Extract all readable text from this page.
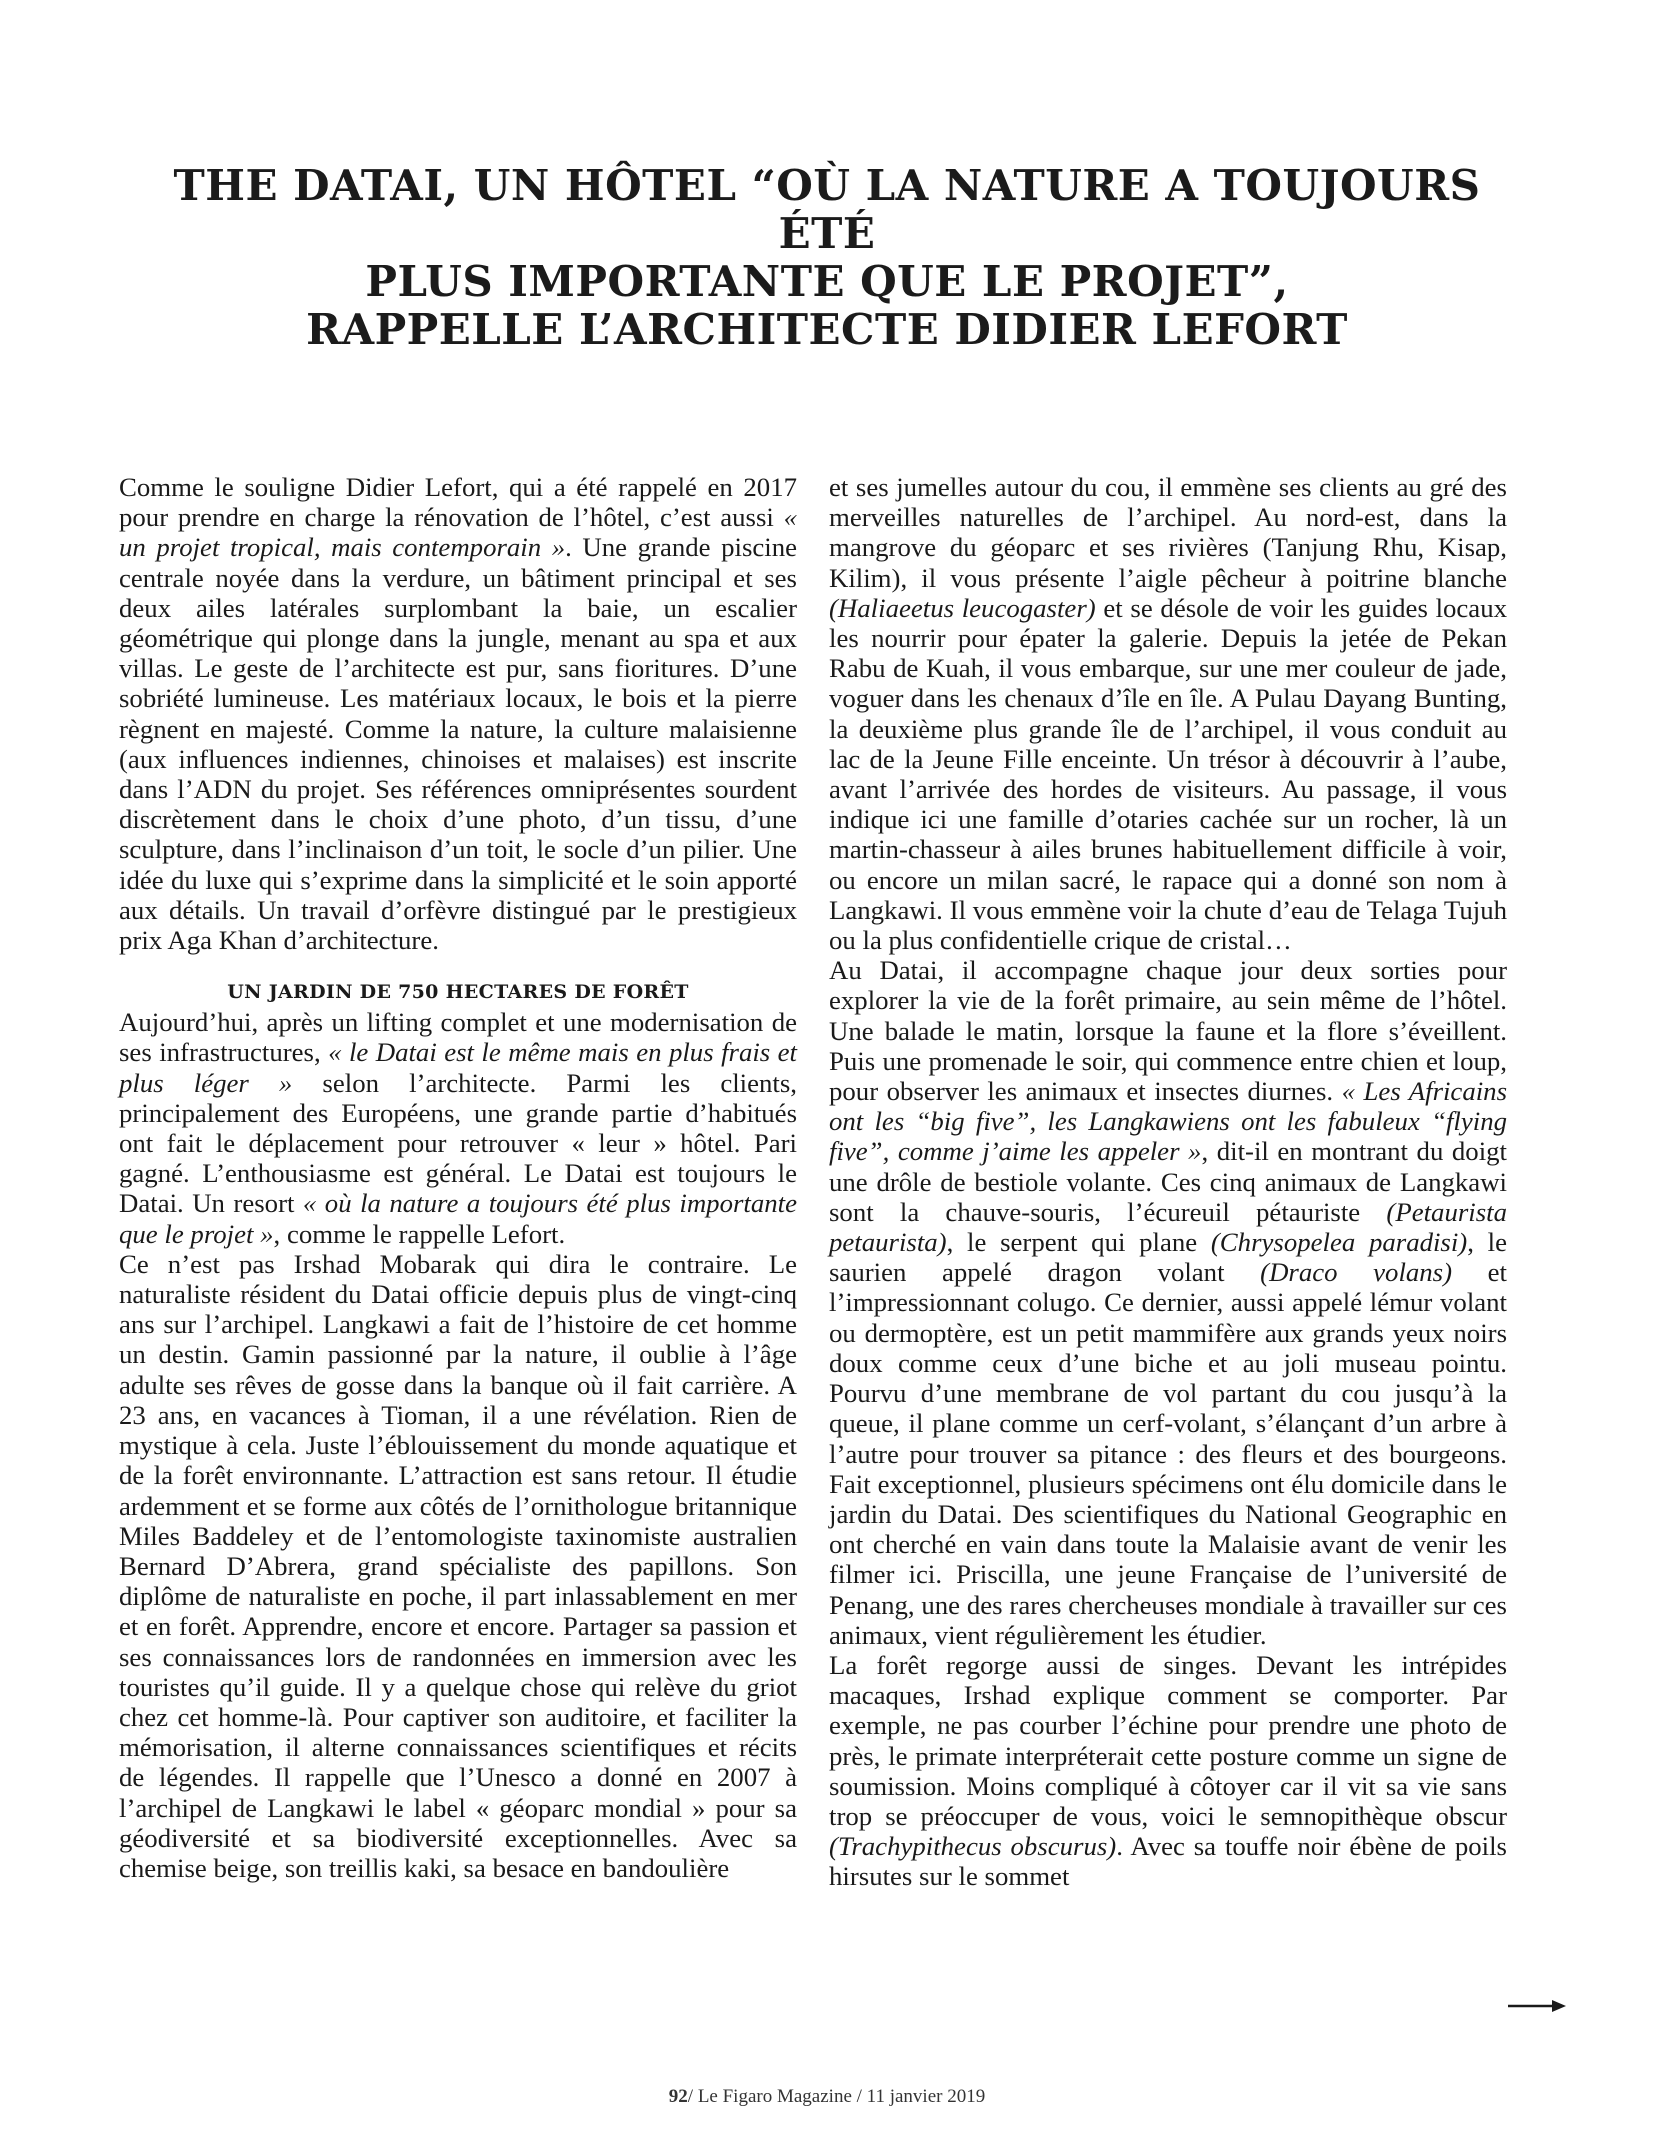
THE DATAI, UN HÔTEL “OÙ LA NATURE A TOUJOURS ÉTÉ
PLUS IMPORTANTE QUE LE PROJET”,
RAPPELLE L’ARCHITECTE DIDIER LEFORT

Comme le souligne Didier Lefort, qui a été rappelé en 2017 pour prendre en charge la rénovation de l’hôtel, c’est aussi « un projet tropical, mais contemporain ». Une grande piscine centrale noyée dans la verdure, un bâtiment principal et ses deux ailes latérales surplombant la baie, un escalier géométrique qui plonge dans la jungle, menant au spa et aux villas. Le geste de l’architecte est pur, sans fioritures. D’une sobriété lumineuse. Les matériaux locaux, le bois et la pierre règnent en majesté. Comme la nature, la culture malaisienne (aux influences indiennes, chinoises et malaises) est inscrite dans l’ADN du projet. Ses références omniprésentes sourdent discrètement dans le choix d’une photo, d’un tissu, d’une sculpture, dans l’inclinaison d’un toit, le socle d’un pilier. Une idée du luxe qui s’exprime dans la simplicité et le soin apporté aux détails. Un travail d’orfèvre distingué par le prestigieux prix Aga Khan d’architecture.

UN JARDIN DE 750 HECTARES DE FORÊT

Aujourd’hui, après un lifting complet et une modernisation de ses infrastructures, « le Datai est le même mais en plus frais et plus léger » selon l’architecte. Parmi les clients, principalement des Européens, une grande partie d’habitués ont fait le déplacement pour retrouver « leur » hôtel. Pari gagné. L’enthousiasme est général. Le Datai est toujours le Datai. Un resort « où la nature a toujours été plus importante que le projet », comme le rappelle Lefort.

Ce n’est pas Irshad Mobarak qui dira le contraire. Le naturaliste résident du Datai officie depuis plus de vingt-cinq ans sur l’archipel. Langkawi a fait de l’histoire de cet homme un destin. Gamin passionné par la nature, il oublie à l’âge adulte ses rêves de gosse dans la banque où il fait carrière. A 23 ans, en vacances à Tioman, il a une révélation. Rien de mystique à cela. Juste l’éblouissement du monde aquatique et de la forêt environnante. L’attraction est sans retour. Il étudie ardemment et se forme aux côtés de l’ornithologue britannique Miles Baddeley et de l’entomologiste taxinomiste australien Bernard D’Abrera, grand spécialiste des papillons. Son diplôme de naturaliste en poche, il part inlassablement en mer et en forêt. Apprendre, encore et encore. Partager sa passion et ses connaissances lors de randonnées en immersion avec les touristes qu’il guide. Il y a quelque chose qui relève du griot chez cet homme-là. Pour captiver son auditoire, et faciliter la mémorisation, il alterne connaissances scientifiques et récits de légendes. Il rappelle que l’Unesco a donné en 2007 à l’archipel de Langkawi le label « géoparc mondial » pour sa géodiversité et sa biodiversité exceptionnelles. Avec sa chemise beige, son treillis kaki, sa besace en bandoulière

et ses jumelles autour du cou, il emmène ses clients au gré des merveilles naturelles de l’archipel. Au nord-est, dans la mangrove du géoparc et ses rivières (Tanjung Rhu, Kisap, Kilim), il vous présente l’aigle pêcheur à poitrine blanche (Haliaeetus leucogaster) et se désole de voir les guides locaux les nourrir pour épater la galerie. Depuis la jetée de Pekan Rabu de Kuah, il vous embarque, sur une mer couleur de jade, voguer dans les chenaux d’île en île. A Pulau Dayang Bunting, la deuxième plus grande île de l’archipel, il vous conduit au lac de la Jeune Fille enceinte. Un trésor à découvrir à l’aube, avant l’arrivée des hordes de visiteurs. Au passage, il vous indique ici une famille d’otaries cachée sur un rocher, là un martin-chasseur à ailes brunes habituellement difficile à voir, ou encore un milan sacré, le rapace qui a donné son nom à Langkawi. Il vous emmène voir la chute d’eau de Telaga Tujuh ou la plus confidentielle crique de cristal…

Au Datai, il accompagne chaque jour deux sorties pour explorer la vie de la forêt primaire, au sein même de l’hôtel. Une balade le matin, lorsque la faune et la flore s’éveillent. Puis une promenade le soir, qui commence entre chien et loup, pour observer les animaux et insectes diurnes. « Les Africains ont les “big five”, les Langkawiens ont les fabuleux “flying five”, comme j’aime les appeler », dit-il en montrant du doigt une drôle de bestiole volante. Ces cinq animaux de Langkawi sont la chauve-souris, l’écureuil pétauriste (Petaurista petaurista), le serpent qui plane (Chrysopelea paradisi), le saurien appelé dragon volant (Draco volans) et l’impressionnant colugo. Ce dernier, aussi appelé lémur volant ou dermoptère, est un petit mammifère aux grands yeux noirs doux comme ceux d’une biche et au joli museau pointu. Pourvu d’une membrane de vol partant du cou jusqu’à la queue, il plane comme un cerf-volant, s’élançant d’un arbre à l’autre pour trouver sa pitance : des fleurs et des bourgeons. Fait exceptionnel, plusieurs spécimens ont élu domicile dans le jardin du Datai. Des scientifiques du National Geographic en ont cherché en vain dans toute la Malaisie avant de venir les filmer ici. Priscilla, une jeune Française de l’université de Penang, une des rares chercheuses mondiale à travailler sur ces animaux, vient régulièrement les étudier.

La forêt regorge aussi de singes. Devant les intrépides macaques, Irshad explique comment se comporter. Par exemple, ne pas courber l’échine pour prendre une photo de près, le primate interpréterait cette posture comme un signe de soumission. Moins compliqué à côtoyer car il vit sa vie sans trop se préoccuper de vous, voici le semnopithèque obscur (Trachypithecus obscurus). Avec sa touffe noir ébène de poils hirsutes sur le sommet

92/ Le Figaro Magazine / 11 janvier 2019
